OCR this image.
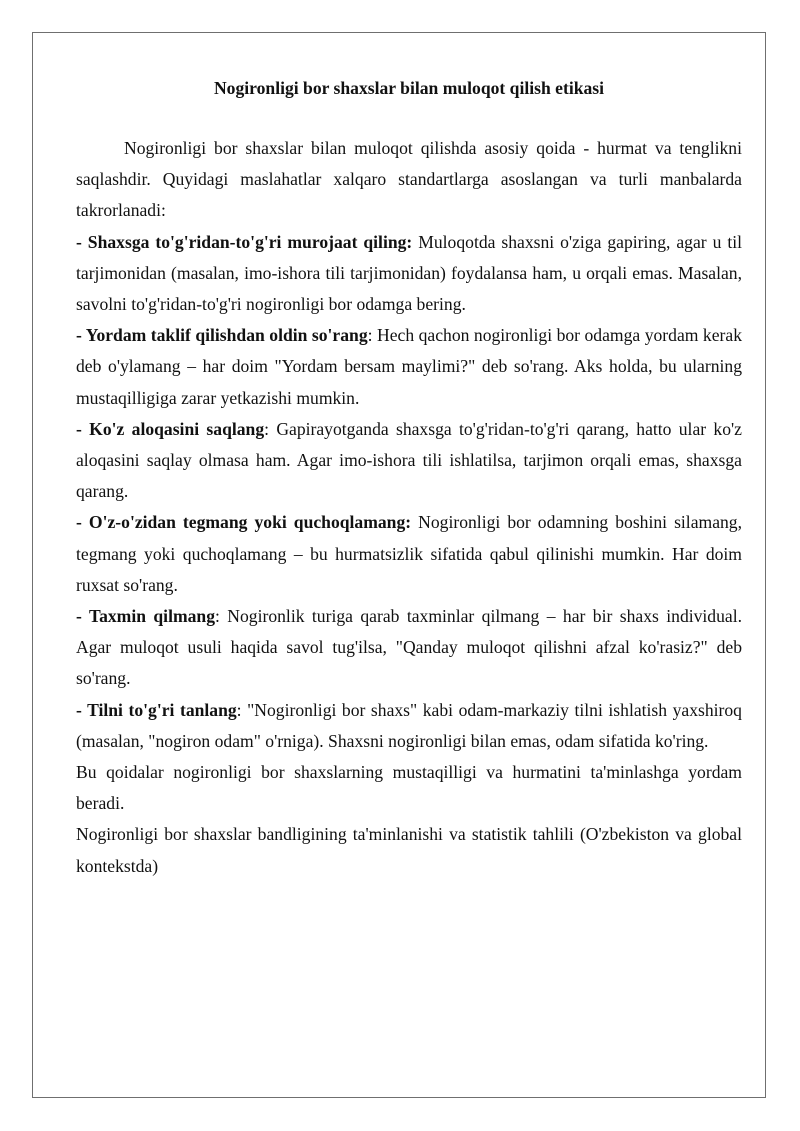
Nogironligi bor shaxslar bilan muloqot qilish etikasi

Nogironligi bor shaxslar bilan muloqot qilishda asosiy qoida - hurmat va tenglikni saqlashdir. Quyidagi maslahatlar xalqaro standartlarga asoslangan va turli manbalarda takrorlanadi:

- Shaxsga to'g'ridan-to'g'ri murojaat qiling: Muloqotda shaxsni o'ziga gapiring, agar u til tarjimonidan (masalan, imo-ishora tili tarjimonidan) foydalansa ham, u orqali emas. Masalan, savolni to'g'ridan-to'g'ri nogironligi bor odamga bering.

- Yordam taklif qilishdan oldin so'rang: Hech qachon nogironligi bor odamga yordam kerak deb o'ylamang – har doim "Yordam bersam maylimi?" deb so'rang. Aks holda, bu ularning mustaqilligiga zarar yetkazishi mumkin.

- Ko'z aloqasini saqlang: Gapirayotganda shaxsga to'g'ridan-to'g'ri qarang, hatto ular ko'z aloqasini saqlay olmasa ham. Agar imo-ishora tili ishlatilsa, tarjimon orqali emas, shaxsga qarang.

- O'z-o'zidan tegmang yoki quchoqlamang: Nogironligi bor odamning boshini silamang, tegmang yoki quchoqlamang – bu hurmatsizlik sifatida qabul qilinishi mumkin. Har doim ruxsat so'rang.

- Taxmin qilmang: Nogironlik turiga qarab taxminlar qilmang – har bir shaxs individual. Agar muloqot usuli haqida savol tug'ilsa, "Qanday muloqot qilishni afzal ko'rasiz?" deb so'rang.

- Tilni to'g'ri tanlang: "Nogironligi bor shaxs" kabi odam-markaziy tilni ishlatish yaxshiroq (masalan, "nogiron odam" o'rniga). Shaxsni nogironligi bilan emas, odam sifatida ko'ring.

Bu qoidalar nogironligi bor shaxslarning mustaqilligi va hurmatini ta'minlashga yordam beradi.

Nogironligi bor shaxslar bandligining ta'minlanishi va statistik tahlili (O'zbekiston va global kontekstda)
